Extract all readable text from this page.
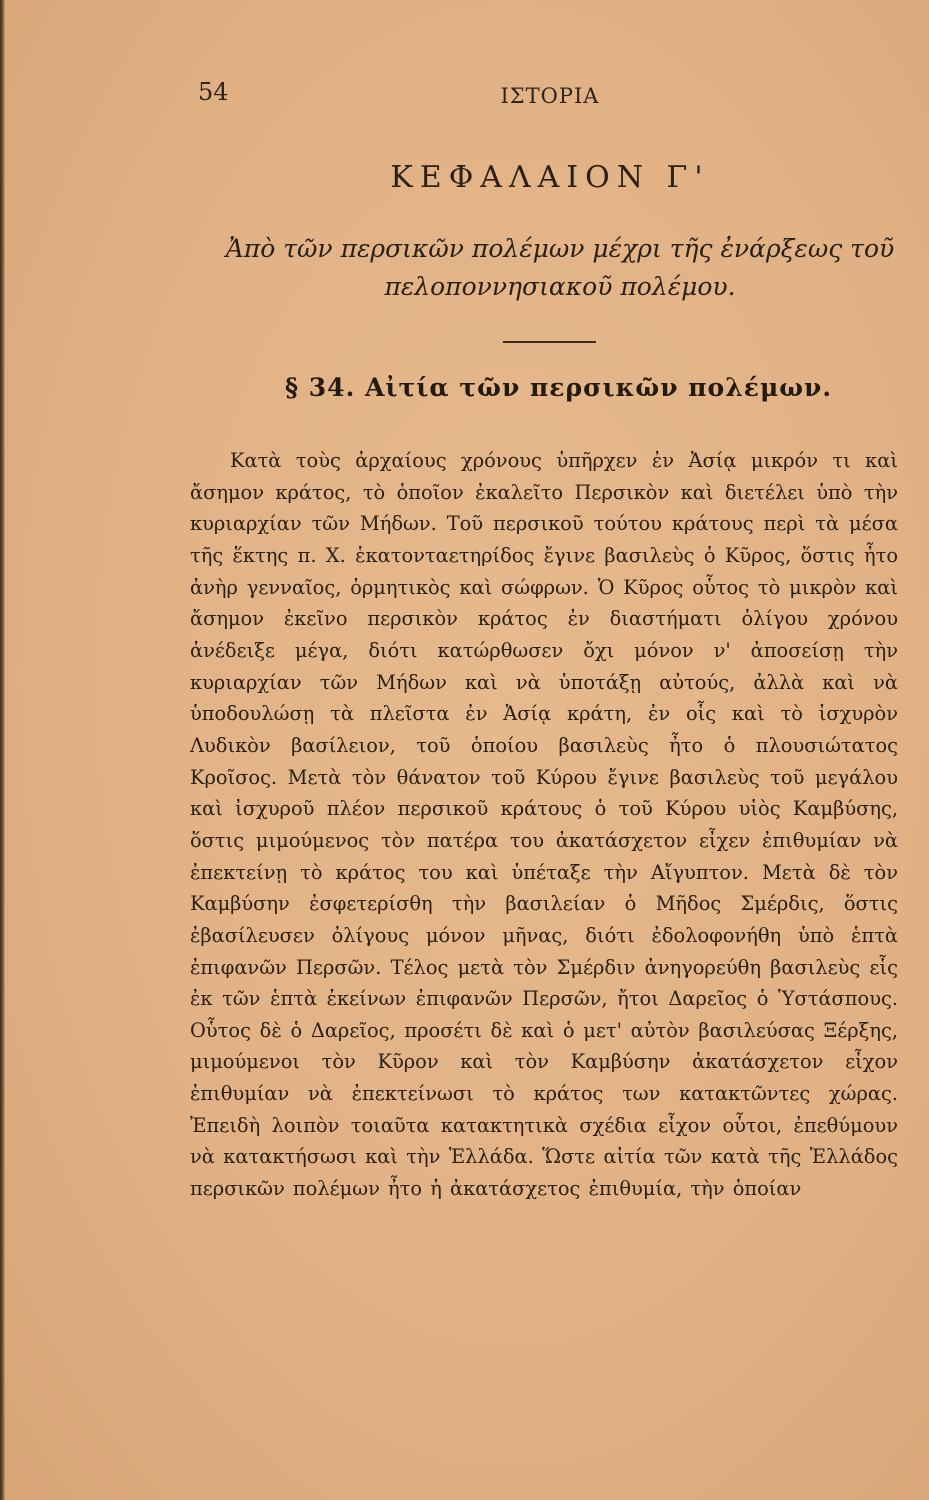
54	ΙΣΤΟΡΙΑ
ΚΕΦΑΛΑΙΟΝ Γ'
Ἀπὸ τῶν περσικῶν πολέμων μέχρι τῆς ἐνάρξεως τοῦ πελοποννησιακοῦ πολέμου.
§ 34. Αἰτία τῶν περσικῶν πολέμων.

Κατὰ τοὺς ἀρχαίους χρόνους ὑπῆρχεν ἐν Ἀσίᾳ μικρόν τι καὶ ἄσημον κράτος, τὸ ὁποῖον ἐκαλεῖτο Περσικὸν καὶ διετέλει ὑπὸ τὴν κυριαρχίαν τῶν Μήδων. Τοῦ περσικοῦ τούτου κράτους περὶ τὰ μέσα τῆς ἕκτης π. Χ. ἑκατονταετηρίδος ἔγινε βασιλεὺς ὁ Κῦρος, ὅστις ἦτο ἀνὴρ γενναῖος, ὁρμητικὸς καὶ σώφρων. Ὁ Κῦρος οὗτος τὸ μικρὸν καὶ ἄσημον ἐκεῖνο περσικὸν κράτος ἐν διαστήματι ὀλίγου χρόνου ἀνέδειξε μέγα, διότι κατώρθωσεν ὄχι μόνον ν' ἀποσείσῃ τὴν κυριαρχίαν τῶν Μήδων καὶ νὰ ὑποτάξῃ αὐτούς, ἀλλὰ καὶ νὰ ὑποδουλώσῃ τὰ πλεῖστα ἐν Ἀσίᾳ κράτη, ἐν οἷς καὶ τὸ ἰσχυρὸν Λυδικὸν βασίλειον, τοῦ ὁποίου βασιλεὺς ἦτο ὁ πλουσιώτατος Κροῖσος. Μετὰ τὸν θάνατον τοῦ Κύρου ἔγινε βασιλεὺς τοῦ μεγάλου καὶ ἰσχυροῦ πλέον περσικοῦ κράτους ὁ τοῦ Κύρου υἱὸς Καμβύσης, ὅστις μιμούμενος τὸν πατέρα του ἀκατάσχετον εἶχεν ἐπιθυμίαν νὰ ἐπεκτείνῃ τὸ κράτος του καὶ ὑπέταξε τὴν Αἴγυπτον. Μετὰ δὲ τὸν Καμβύσην ἐσφετερίσθη τὴν βασιλείαν ὁ Μῆδος Σμέρδις, ὅστις ἐβασίλευσεν ὀλίγους μόνον μῆνας, διότι ἐδολοφονήθη ὑπὸ ἑπτὰ ἐπιφανῶν Περσῶν. Τέλος μετὰ τὸν Σμέρδιν ἀνηγορεύθη βασιλεὺς εἷς ἐκ τῶν ἑπτὰ ἐκείνων ἐπιφανῶν Περσῶν, ἤτοι Δαρεῖος ὁ Ὑστάσπους. Οὗτος δὲ ὁ Δαρεῖος, προσέτι δὲ καὶ ὁ μετ' αὐτὸν βασιλεύσας Ξέρξης, μιμούμενοι τὸν Κῦρον καὶ τὸν Καμβύσην ἀκατάσχετον εἶχον ἐπιθυμίαν νὰ ἐπεκτείνωσι τὸ κράτος των κατακτῶντες χώρας. Ἐπειδὴ λοιπὸν τοιαῦτα κατακτητικὰ σχέδια εἶχον οὗτοι, ἐπεθύμουν νὰ κατακτήσωσι καὶ τὴν Ἑλλάδα. Ὥστε αἰτία τῶν κατὰ τῆς Ἑλλάδος περσικῶν πολέμων ἦτο ἡ ἀκατάσχετος ἐπιθυμία, τὴν ὁποίαν
